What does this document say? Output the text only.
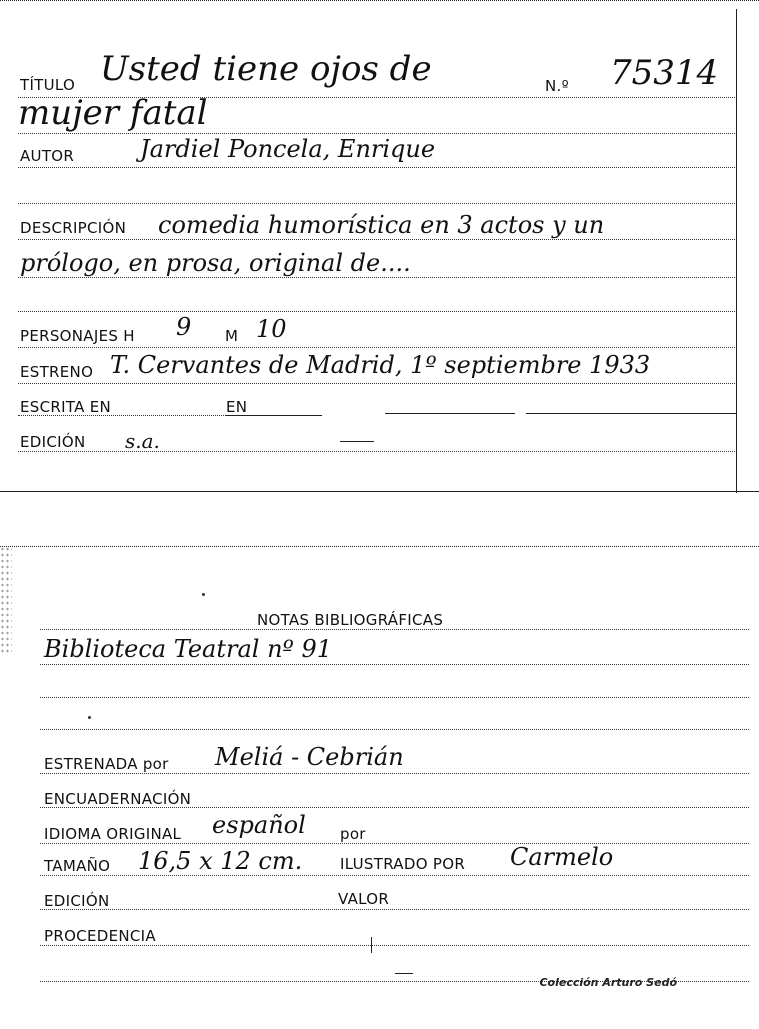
TÍTULO Usted tiene ojos de	N.º 75314
mujer fatal
AUTOR	Jardiel Poncela, Enrique
DESCRIPCIÓN comedia humorística en 3 actos y un
prólogo, en prosa, original de....
PERSONAJES H 9 M 10
ESTRENO T. Cervantes de Madrid, 1º septiembre 1933
ESCRITA EN	EN
EDICIÓN s.a.
NOTAS BIBLIOGRÁFICAS
Biblioteca Teatral nº 91
ESTRENADA por Meliá - Cebrián
ENCUADERNACIÓN
IDIOMA ORIGINAL español por
TAMAÑO 16,5 x 12 cm.	ILUSTRADO POR Carmelo
EDICIÓN	VALOR
PROCEDENCIA
Colección Arturo Sedó
